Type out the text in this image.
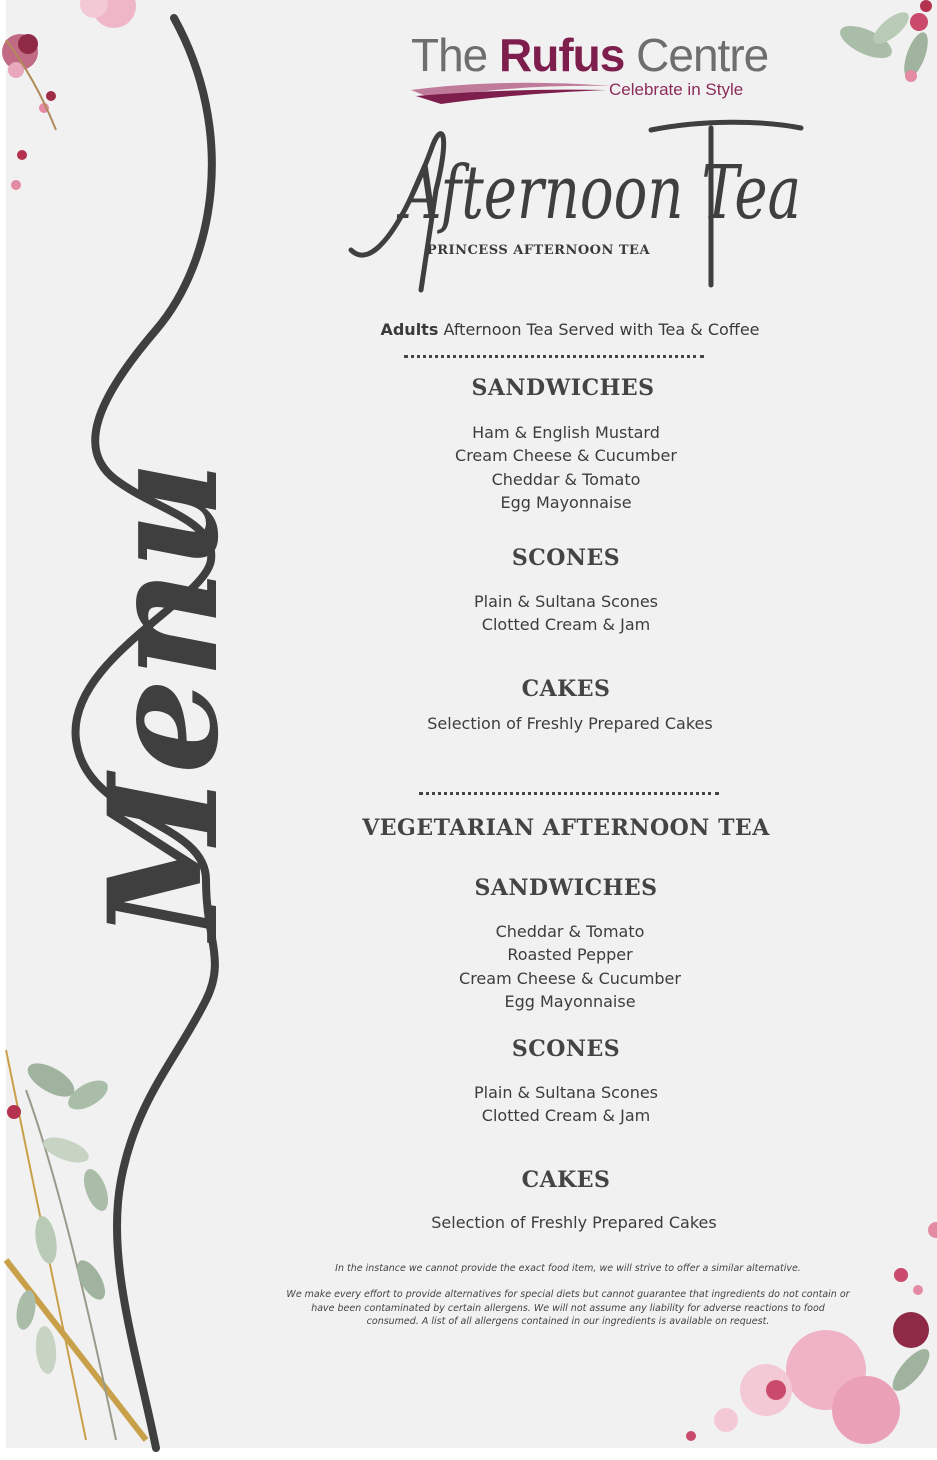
Menu
The Rufus Centre
Celebrate in Style
Afternoon Tea
PRINCESS AFTERNOON TEA
Adults Afternoon Tea Served with Tea & Coffee
SANDWICHES
Ham & English Mustard
Cream Cheese & Cucumber
Cheddar & Tomato
Egg Mayonnaise
SCONES
Plain & Sultana Scones
Clotted Cream & Jam
CAKES
Selection of Freshly Prepared Cakes
VEGETARIAN AFTERNOON TEA
SANDWICHES
Cheddar & Tomato
Roasted Pepper
Cream Cheese & Cucumber
Egg Mayonnaise
SCONES
Plain & Sultana Scones
Clotted Cream & Jam
CAKES
Selection of Freshly Prepared Cakes
In the instance we cannot provide the exact food item, we will strive to offer a similar alternative.
We make every effort to provide alternatives for special diets but cannot guarantee that ingredients do not contain or
have been contaminated by certain allergens. We will not assume any liability for adverse reactions to food
consumed. A list of all allergens contained in our ingredients is available on request.
